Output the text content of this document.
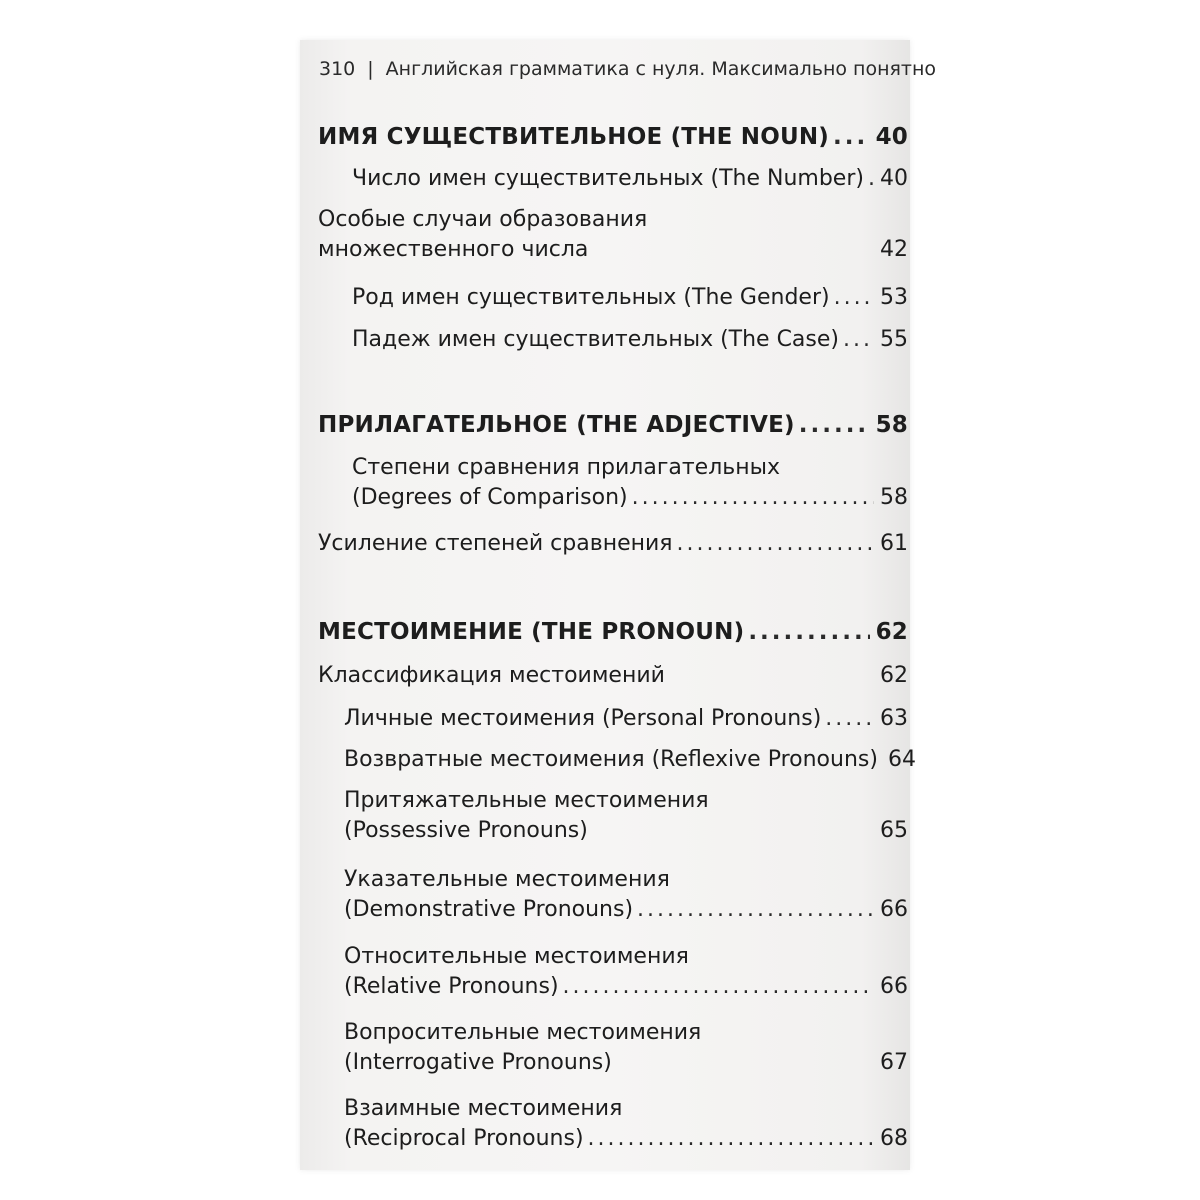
310 | Английская грамматика с нуля. Максимально понятно
ИМЯ СУЩЕСТВИТЕЛЬНОЕ (THE NOUN) ..... 40
Число имен существительных (The Number) ..... 40
Особые случаи образования
множественного числа	42
Род имен существительных (The Gender) ..... 53
Падеж имен существительных (The Case) ..... 55
ПРИЛАГАТЕЛЬНОЕ (THE ADJECTIVE) .....	58
Степени сравнения прилагательных
(Degrees of Comparison) .....	58
Усиление степеней сравнения .....	61
МЕСТОИМЕНИЕ (THE PRONOUN) .....	62
Классификация местоимений	62
Личные местоимения (Personal Pronouns) .....	63
Возвратные местоимения (Reflexive Pronouns) 64
Притяжательные местоимения
(Possessive Pronouns)	65
Указательные местоимения
(Demonstrative Pronouns) .....	66
Относительные местоимения
(Relative Pronouns) .....	66
Вопросительные местоимения
(Interrogative Pronouns)	67
Взаимные местоимения
(Reciprocal Pronouns) .....	68
